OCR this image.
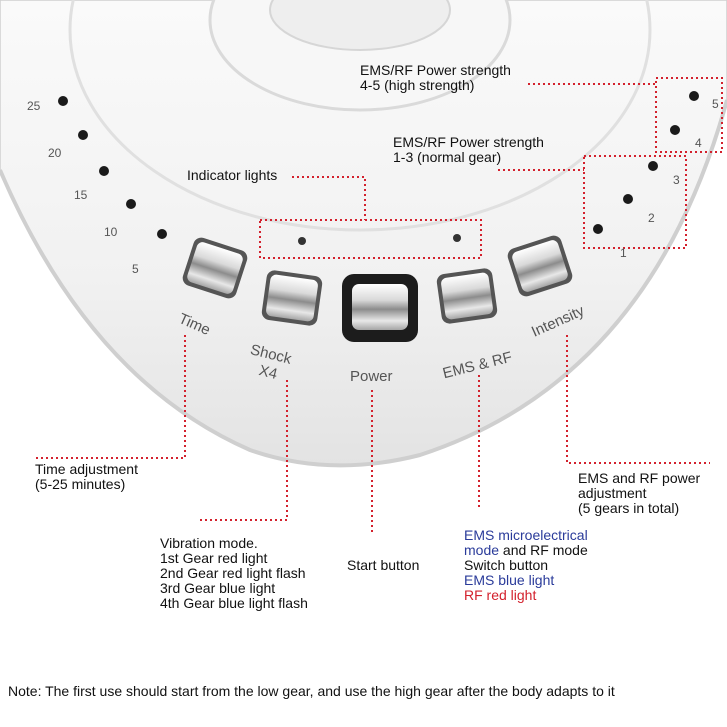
25
20
15
10
5
5
4
3
2
1
Time
Shock
X4	Power	EMS & RF
Intensity
EMS/RF Power strength
4-5 (high strength)
EMS/RF Power strength
1-3 (normal gear)
Indicator lights
Time adjustment
(5-25 minutes)
Vibration mode.
1st Gear red light
2nd Gear red light flash
3rd Gear blue light
4th Gear blue light flash
Start button
EMS microelectrical
mode and RF mode
Switch button
EMS blue light
RF red light
EMS and RF power
adjustment
(5 gears in total)
Note: The first use should start from the low gear, and use the high gear after the body adapts to it
